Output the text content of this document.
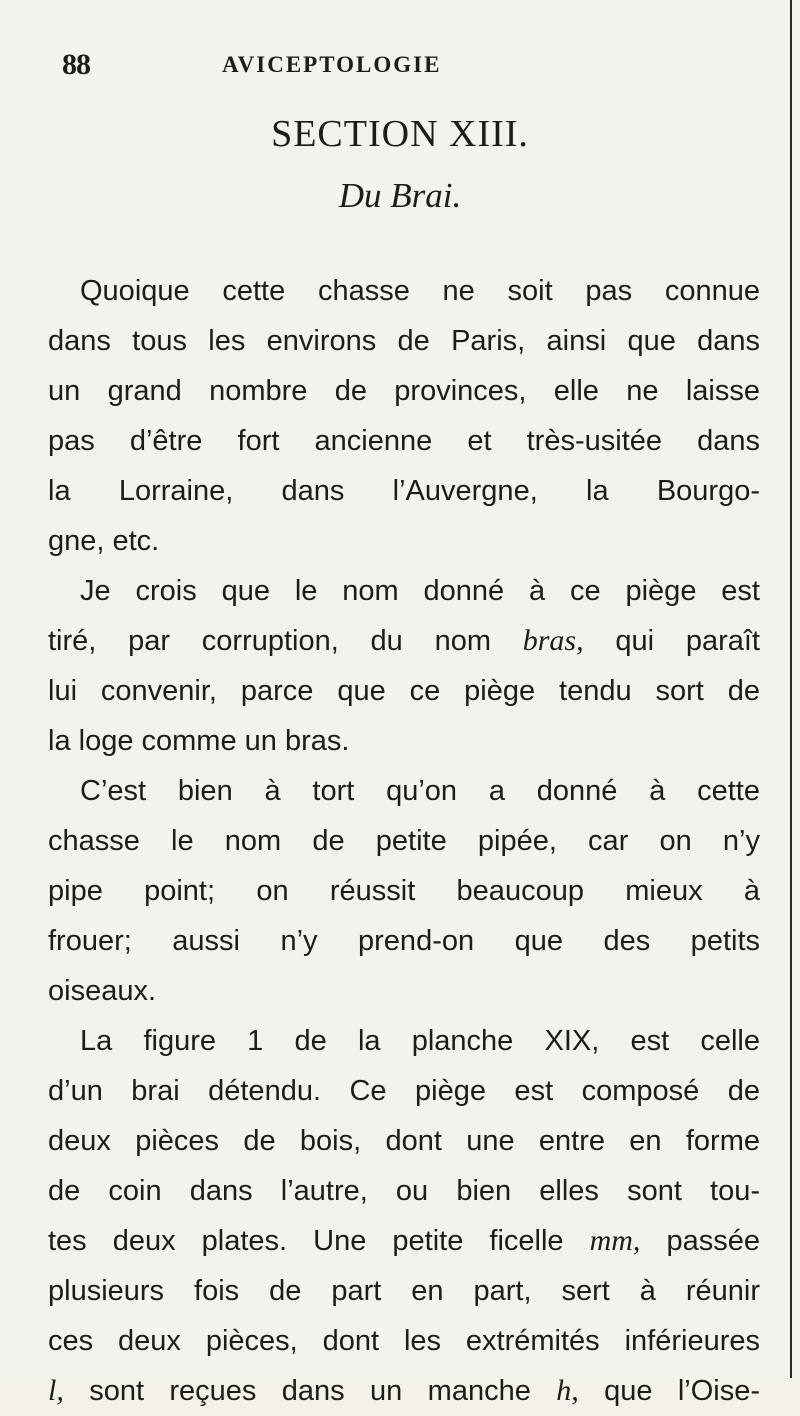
88	AVICEPTOLOGIE
SECTION XIII.
Du Brai.
Quoique cette chasse ne soit pas connue
dans tous les environs de Paris, ainsi que dans
un grand nombre de provinces, elle ne laisse
pas d’être fort ancienne et très-usitée dans
la Lorraine, dans l’Auvergne, la Bourgo-
gne, etc.
Je crois que le nom donné à ce piège est
tiré, par corruption, du nom bras, qui paraît
lui convenir, parce que ce piège tendu sort de
la loge comme un bras.
C’est bien à tort qu’on a donné à cette
chasse le nom de petite pipée, car on n’y
pipe point; on réussit beaucoup mieux à
frouer; aussi n’y prend-on que des petits
oiseaux.
La figure 1 de la planche XIX, est celle
d’un brai détendu. Ce piège est composé de
deux pièces de bois, dont une entre en forme
de coin dans l’autre, ou bien elles sont tou-
tes deux plates. Une petite ficelle mm, passée
plusieurs fois de part en part, sert à réunir
ces deux pièces, dont les extrémités inférieures
l, sont reçues dans un manche h, que l’Oise-
